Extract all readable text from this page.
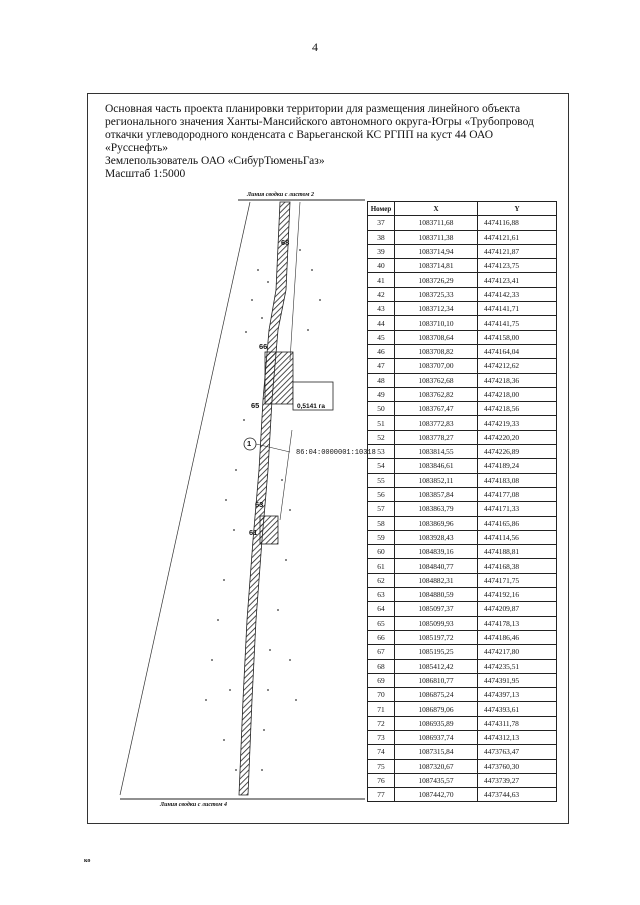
4
Основная часть проекта планировки территории для размещения линейного объекта
регионального значения Ханты-Мансийского автономного округа-Югры «Трубопровод
откачки углеводородного конденсата с Варьеганской КС РГПП на куст 44 ОАО
«Русснефть»
Землепользователь ОАО «СибурТюменьГаз»
Масштаб 1:5000
Линия сводки с листом 2
Линия сводки с листом 4
86:04:0000001:10318
0,5141 га
68
66
65
63
61
1
Номер	X	Y
37	1083711,68	4474116,88
38	1083711,38	4474121,61
39	1083714,94	4474121,87
40	1083714,81	4474123,75
41	1083726,29	4474123,41
42	1083725,33	4474142,33
43	1083712,34	4474141,71
44	1083710,10	4474141,75
45	1083708,64	4474158,00
46	1083708,82	4474164,04
47	1083707,00	4474212,62
48	1083762,68	4474218,36
49	1083762,82	4474218,00
50	1083767,47	4474218,56
51	1083772,83	4474219,33
52	1083778,27	4474220,20
53	1083814,55	4474226,89
54	1083846,61	4474189,24
55	1083852,11	4474183,08
56	1083857,84	4474177,08
57	1083863,79	4474171,33
58	1083869,96	4474165,86
59	1083928,43	4474114,56
60	1084839,16	4474188,81
61	1084840,77	4474168,38
62	1084882,31	4474171,75
63	1084880,59	4474192,16
64	1085097,37	4474209,87
65	1085099,93	4474178,13
66	1085197,72	4474186,46
67	1085195,25	4474217,80
68	1085412,42	4474235,51
69	1086810,77	4474391,95
70	1086875,24	4474397,13
71	1086879,06	4474393,61
72	1086935,89	4474311,78
73	1086937,74	4474312,13
74	1087315,84	4473763,47
75	1087320,67	4473760,30
76	1087435,57	4473739,27
77	1087442,70	4473744,63
ко
